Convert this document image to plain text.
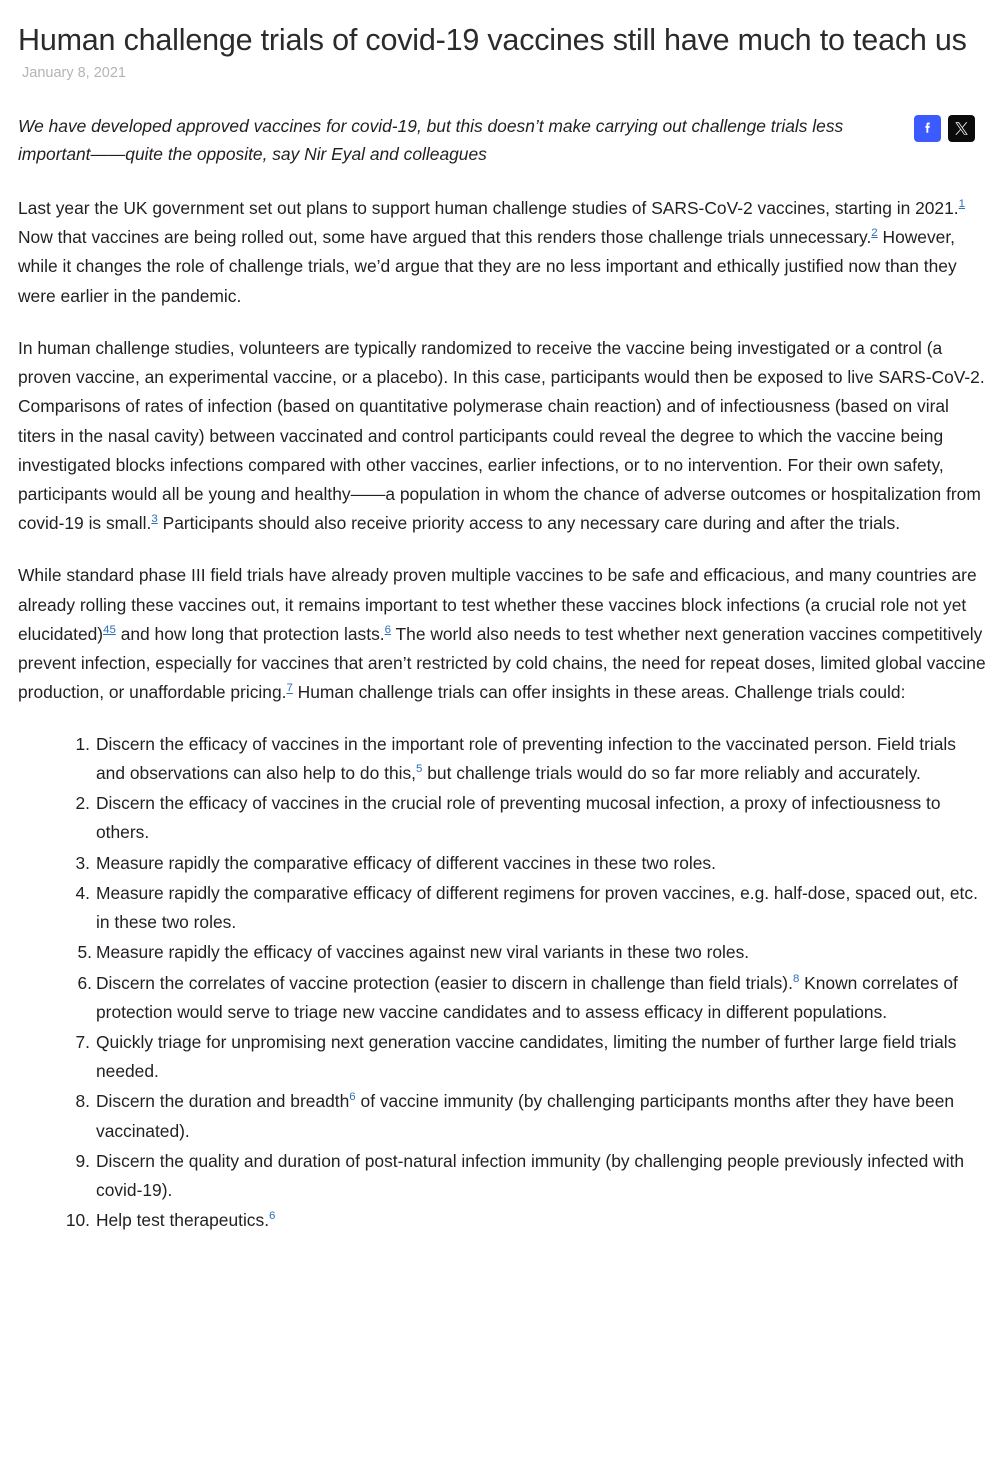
Human challenge trials of covid-19 vaccines still have much to teach us
January 8, 2021
We have developed approved vaccines for covid-19, but this doesn’t make carrying out challenge trials less important——quite the opposite, say Nir Eyal and colleagues

Last year the UK government set out plans to support human challenge studies of SARS-CoV-2 vaccines, starting in 2021.$^1$ Now that vaccines are being rolled out, some have argued that this renders those challenge trials unnecessary.$^2$ However, while it changes the role of challenge trials, we’d argue that they are no less important and ethically justified now than they were earlier in the pandemic.

In human challenge studies, volunteers are typically randomized to receive the vaccine being investigated or a control (a proven vaccine, an experimental vaccine, or a placebo). In this case, participants would then be exposed to live SARS-CoV-2. Comparisons of rates of infection (based on quantitative polymerase chain reaction) and of infectiousness (based on viral titers in the nasal cavity) between vaccinated and control participants could reveal the degree to which the vaccine being investigated blocks infections compared with other vaccines, earlier infections, or to no intervention. For their own safety, participants would all be young and healthy——a population in whom the chance of adverse outcomes or hospitalization from covid-19 is small.$^3$ Participants should also receive priority access to any necessary care during and after the trials.

While standard phase III field trials have already proven multiple vaccines to be safe and efficacious, and many countries are already rolling these vaccines out, it remains important to test whether these vaccines block infections (a crucial role not yet elucidated)$^{45}$ and how long that protection lasts.$^6$ The world also needs to test whether next generation vaccines competitively prevent infection, especially for vaccines that aren’t restricted by cold chains, the need for repeat doses, limited global vaccine production, or unaffordable pricing.$^7$ Human challenge trials can offer insights in these areas. Challenge trials could:

Discern the efficacy of vaccines in the important role of preventing infection to the vaccinated person. Field trials and observations can also help to do this,$^5$ but challenge trials would do so far more reliably and accurately.
Discern the efficacy of vaccines in the crucial role of preventing mucosal infection, a proxy of infectiousness to others.
Measure rapidly the comparative efficacy of different vaccines in these two roles.
Measure rapidly the comparative efficacy of different regimens for proven vaccines, e.g. half-dose, spaced out, etc. in these two roles.
Measure rapidly the efficacy of vaccines against new viral variants in these two roles.
Discern the correlates of vaccine protection (easier to discern in challenge than field trials).$^8$ Known correlates of protection would serve to triage new vaccine candidates and to assess efficacy in different populations.
Quickly triage for unpromising next generation vaccine candidates, limiting the number of further large field trials needed.
Discern the duration and breadth$^6$ of vaccine immunity (by challenging participants months after they have been vaccinated).
Discern the quality and duration of post-natural infection immunity (by challenging people previously infected with covid-19).
Help test therapeutics.$^6$
